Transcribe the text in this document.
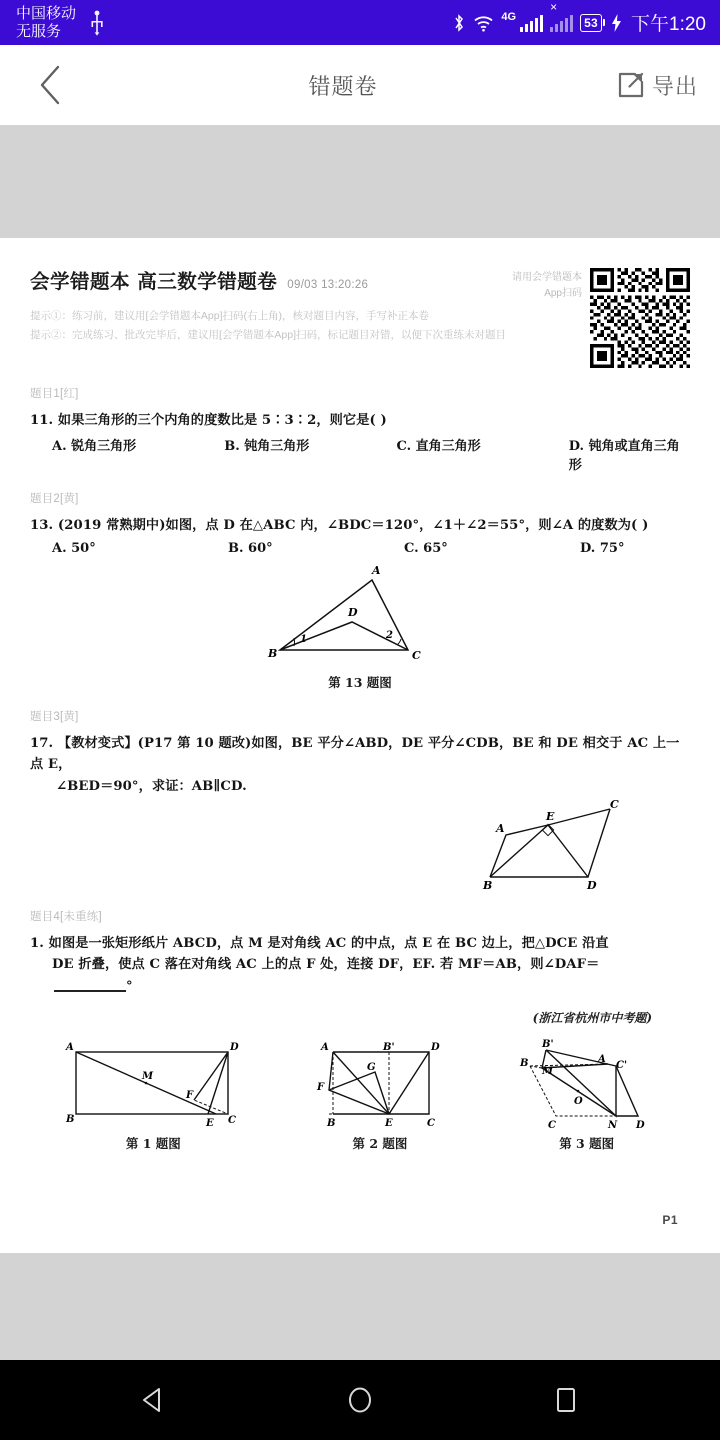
中国移动
无服务
4G ×	53 下午1:20
错题卷	导出
会学错题本 高三数学错题卷 09/03 13:20:26
提示①：练习前，建议用[会学错题本App]扫码(右上角)，核对题目内容，手写补正本卷
提示②：完成练习、批改完毕后，建议用[会学错题本App]扫码，标记题目对错，以便下次重练未对题目
请用会学错题本
App扫码
题目1[红]
11. 如果三角形的三个内角的度数比是 5∶3∶2，则它是( )
A. 锐角三角形	B. 钝角三角形	C. 直角三角形	D. 钝角或直角三角形
题目2[黄]
13. (2019 常熟期中)如图，点 D 在△ABC 内，∠BDC＝120°，∠1＋∠2＝55°，则∠A 的度数为( )
A. 50°	B. 60°	C. 65°	D. 75°
A
B	C
D
1	2
第 13 题图
题目3[黄]
17. 【教材变式】(P17 第 10 题改)如图，BE 平分∠ABD，DE 平分∠CDB，BE 和 DE 相交于 AC 上一点 E，
∠BED＝90°，求证：AB∥CD.
A
B
C
D
E
题目4[未重练]
1. 如图是一张矩形纸片 ABCD，点 M 是对角线 AC 的中点，点 E 在 BC 边上，把△DCE 沿直
DE 折叠，使点 C 落在对角线 AC 上的点 F 处，连接 DF，EF. 若 MF＝AB，则∠DAF＝
°
(浙江省杭州市中考题)
A
B	C
D
E
F
M
第 1 题图
A
B
B'
C
D
E
F
G
第 2 题图
B'
B	A
C'
M
O
C	N D
第 3 题图
P1
